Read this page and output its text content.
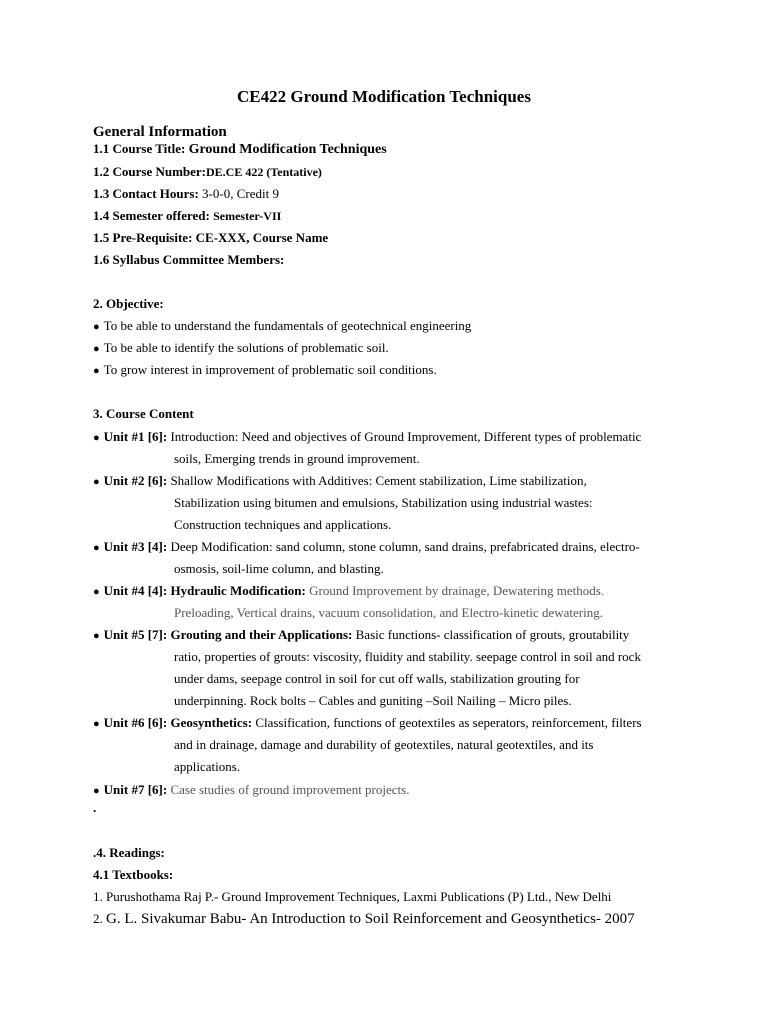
CE422 Ground Modification Techniques
General Information
1.1 Course Title: Ground Modification Techniques
1.2 Course Number:DE.CE 422 (Tentative)
1.3 Contact Hours: 3-0-0, Credit 9
1.4 Semester offered: Semester-VII
1.5 Pre-Requisite: CE-XXX, Course Name
1.6 Syllabus Committee Members:
2. Objective:
● To be able to understand the fundamentals of geotechnical engineering
● To be able to identify the solutions of problematic soil.
● To grow interest in improvement of problematic soil conditions.
3. Course Content
● Unit #1 [6]: Introduction: Need and objectives of Ground Improvement, Different types of problematic
soils, Emerging trends in ground improvement.
● Unit #2 [6]: Shallow Modifications with Additives: Cement stabilization, Lime stabilization,
Stabilization using bitumen and emulsions, Stabilization using industrial wastes:
Construction techniques and applications.
● Unit #3 [4]: Deep Modification: sand column, stone column, sand drains, prefabricated drains, electro-
osmosis, soil-lime column, and blasting.
● Unit #4 [4]: Hydraulic Modification: Ground Improvement by drainage, Dewatering methods.
Preloading, Vertical drains, vacuum consolidation, and Electro-kinetic dewatering.
● Unit #5 [7]: Grouting and their Applications: Basic functions- classification of grouts, groutability
ratio, properties of grouts: viscosity, fluidity and stability. seepage control in soil and rock
under dams, seepage control in soil for cut off walls, stabilization grouting for
underpinning. Rock bolts – Cables and guniting –Soil Nailing – Micro piles.
● Unit #6 [6]: Geosynthetics: Classification, functions of geotextiles as seperators, reinforcement, filters
and in drainage, damage and durability of geotextiles, natural geotextiles, and its
applications.
● Unit #7 [6]: Case studies of ground improvement projects.
.
.4. Readings:
4.1 Textbooks:
1. Purushothama Raj P.- Ground Improvement Techniques, Laxmi Publications (P) Ltd., New Delhi
2. G. L. Sivakumar Babu- An Introduction to Soil Reinforcement and Geosynthetics- 2007
